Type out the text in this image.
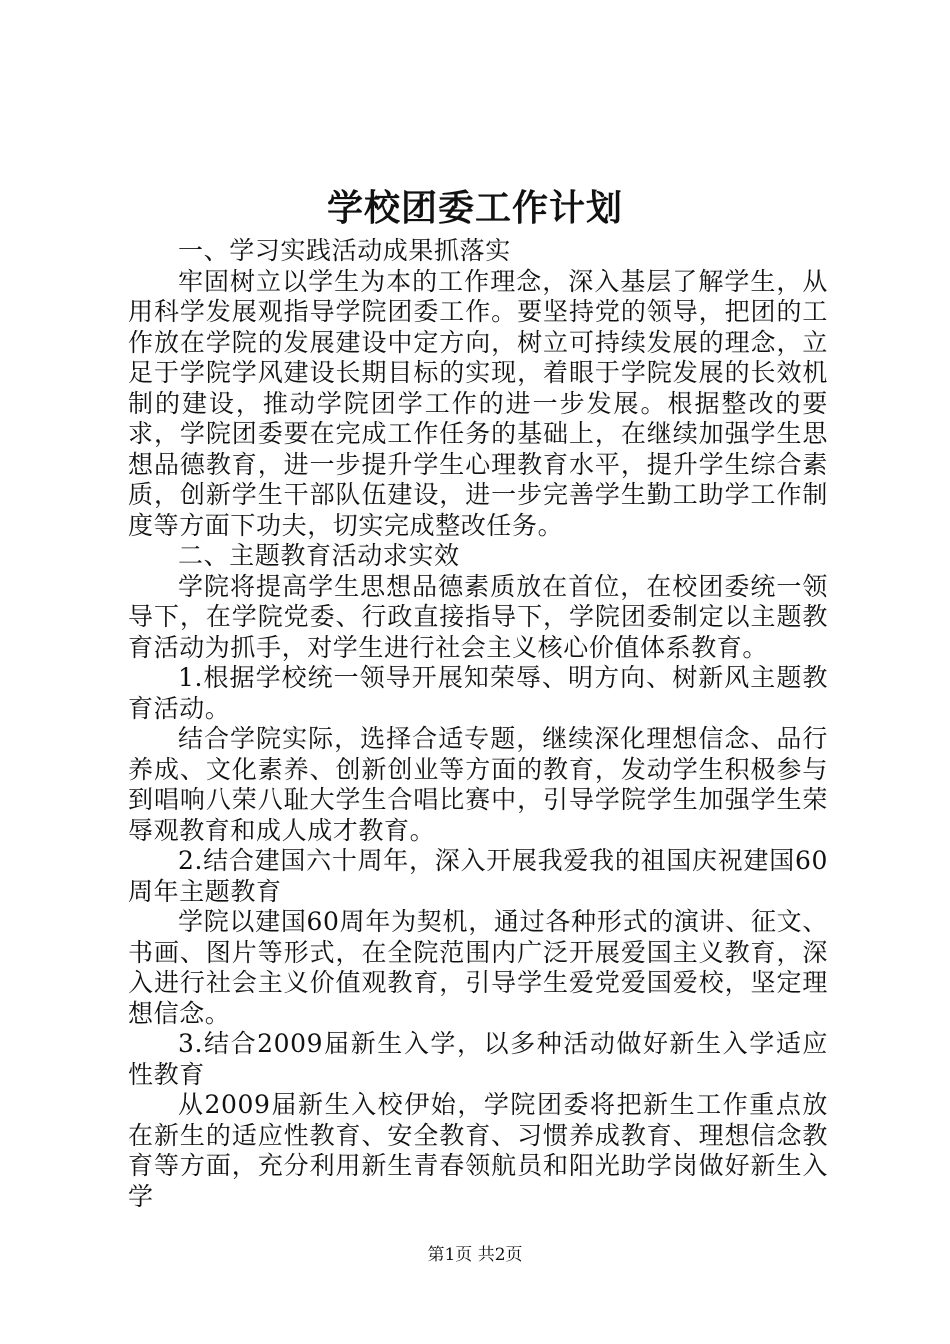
学校团委工作计划

一、学习实践活动成果抓落实

牢固树立以学生为本的工作理念，深入基层了解学生，从用科学发展观指导学院团委工作。要坚持党的领导，把团的工作放在学院的发展建设中定方向，树立可持续发展的理念，立足于学院学风建设长期目标的实现，着眼于学院发展的长效机制的建设，推动学院团学工作的进一步发展。根据整改的要求，学院团委要在完成工作任务的基础上，在继续加强学生思想品德教育，进一步提升学生心理教育水平，提升学生综合素质，创新学生干部队伍建设，进一步完善学生勤工助学工作制度等方面下功夫，切实完成整改任务。

二、主题教育活动求实效

学院将提高学生思想品德素质放在首位，在校团委统一领导下，在学院党委、行政直接指导下，学院团委制定以主题教育活动为抓手，对学生进行社会主义核心价值体系教育。

1.根据学校统一领导开展知荣辱、明方向、树新风主题教育活动。

结合学院实际，选择合适专题，继续深化理想信念、品行养成、文化素养、创新创业等方面的教育，发动学生积极参与到唱响八荣八耻大学生合唱比赛中，引导学院学生加强学生荣辱观教育和成人成才教育。

2.结合建国六十周年，深入开展我爱我的祖国庆祝建国60周年主题教育

学院以建国60周年为契机，通过各种形式的演讲、征文、书画、图片等形式，在全院范围内广泛开展爱国主义教育，深入进行社会主义价值观教育，引导学生爱党爱国爱校，坚定理想信念。

3.结合2009届新生入学，以多种活动做好新生入学适应性教育

从2009届新生入校伊始，学院团委将把新生工作重点放在新生的适应性教育、安全教育、习惯养成教育、理想信念教育等方面，充分利用新生青春领航员和阳光助学岗做好新生入学

第1页 共2页
